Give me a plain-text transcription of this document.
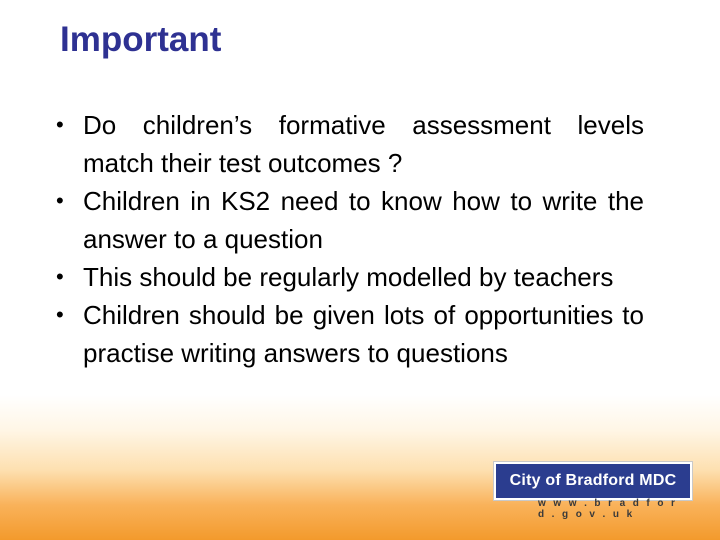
Important
• Do children’s formative assessment levels match their test outcomes ?
• Children in KS2 need to know how to write the answer to a question
• This should be regularly modelled by teachers
• Children should be given lots of opportunities to practise writing answers to questions
City of Bradford MDC
w w w . b r a d f o r d . g o v . u k
